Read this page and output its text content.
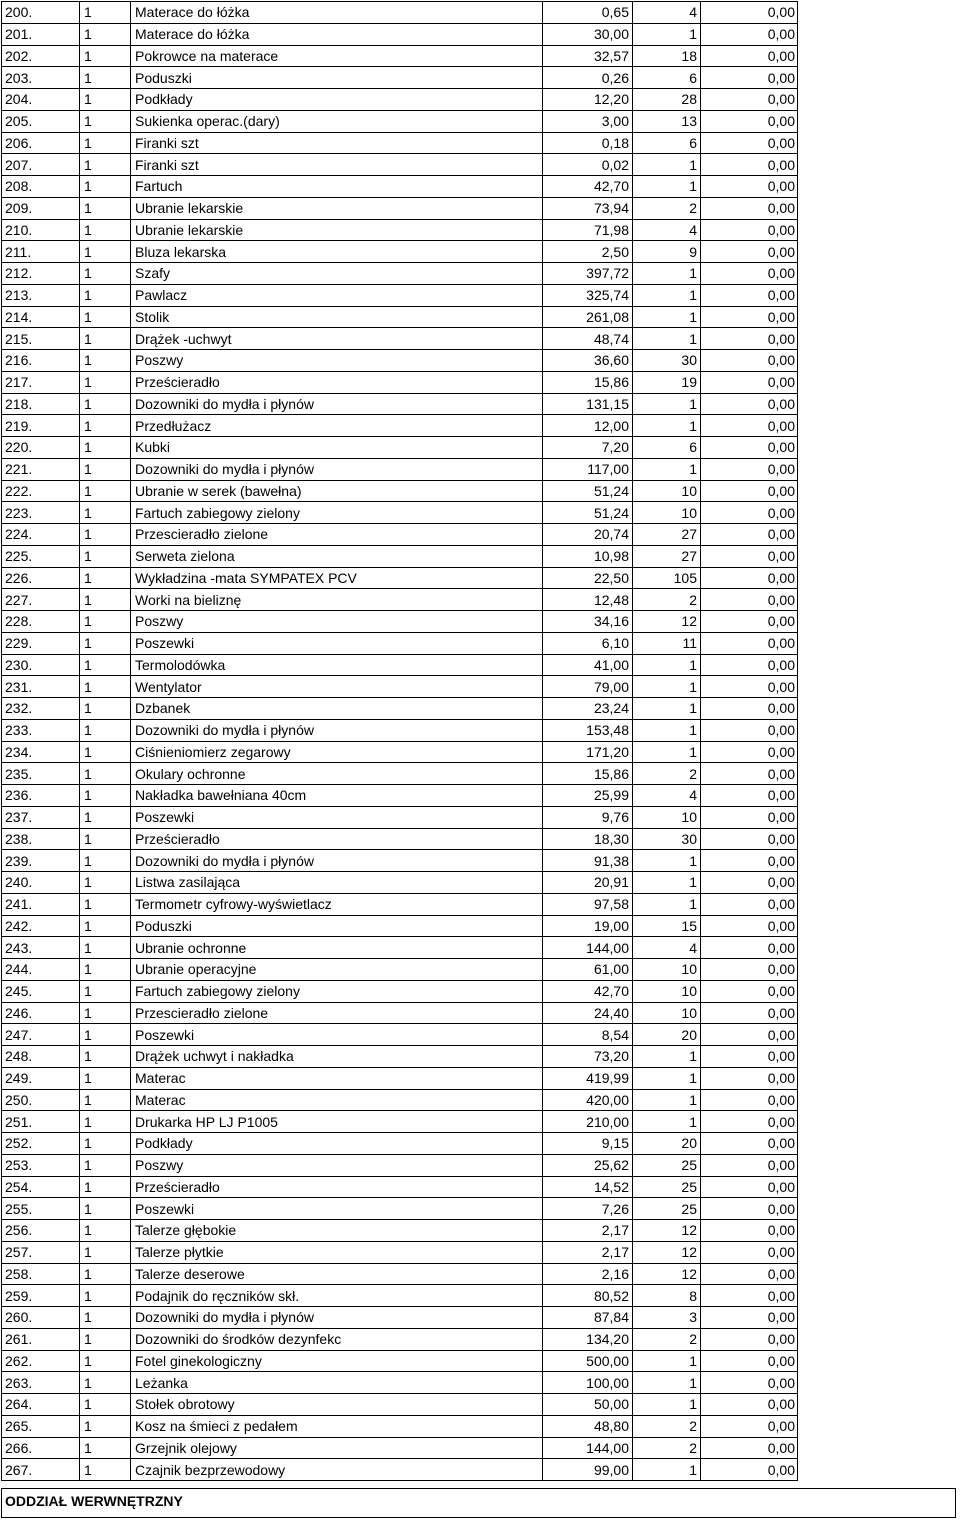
200.	1	Materace do łóżka	0,65	4	0,00
201.	1	Materace do łóżka	30,00	1	0,00
202.	1	Pokrowce na materace	32,57	18	0,00
203.	1	Poduszki	0,26	6	0,00
204.	1	Podkłady	12,20	28	0,00
205.	1	Sukienka operac.(dary)	3,00	13	0,00
206.	1	Firanki szt	0,18	6	0,00
207.	1	Firanki szt	0,02	1	0,00
208.	1	Fartuch	42,70	1	0,00
209.	1	Ubranie lekarskie	73,94	2	0,00
210.	1	Ubranie lekarskie	71,98	4	0,00
211.	1	Bluza lekarska	2,50	9	0,00
212.	1	Szafy	397,72	1	0,00
213.	1	Pawlacz	325,74	1	0,00
214.	1	Stolik	261,08	1	0,00
215.	1	Drążek -uchwyt	48,74	1	0,00
216.	1	Poszwy	36,60	30	0,00
217.	1	Prześcieradło	15,86	19	0,00
218.	1	Dozowniki do mydła i płynów	131,15	1	0,00
219.	1	Przedłużacz	12,00	1	0,00
220.	1	Kubki	7,20	6	0,00
221.	1	Dozowniki do mydła i płynów	117,00	1	0,00
222.	1	Ubranie w serek (bawełna)	51,24	10	0,00
223.	1	Fartuch zabiegowy zielony	51,24	10	0,00
224.	1	Przescieradło zielone	20,74	27	0,00
225.	1	Serweta zielona	10,98	27	0,00
226.	1	Wykładzina -mata SYMPATEX PCV	22,50	105	0,00
227.	1	Worki na bieliznę	12,48	2	0,00
228.	1	Poszwy	34,16	12	0,00
229.	1	Poszewki	6,10	11	0,00
230.	1	Termolodówka	41,00	1	0,00
231.	1	Wentylator	79,00	1	0,00
232.	1	Dzbanek	23,24	1	0,00
233.	1	Dozowniki do mydła i płynów	153,48	1	0,00
234.	1	Ciśnieniomierz zegarowy	171,20	1	0,00
235.	1	Okulary ochronne	15,86	2	0,00
236.	1	Nakładka bawełniana 40cm	25,99	4	0,00
237.	1	Poszewki	9,76	10	0,00
238.	1	Prześcieradło	18,30	30	0,00
239.	1	Dozowniki do mydła i płynów	91,38	1	0,00
240.	1	Listwa zasilająca	20,91	1	0,00
241.	1	Termometr cyfrowy-wyświetlacz	97,58	1	0,00
242.	1	Poduszki	19,00	15	0,00
243.	1	Ubranie ochronne	144,00	4	0,00
244.	1	Ubranie operacyjne	61,00	10	0,00
245.	1	Fartuch zabiegowy zielony	42,70	10	0,00
246.	1	Przescieradło zielone	24,40	10	0,00
247.	1	Poszewki	8,54	20	0,00
248.	1	Drążek uchwyt i nakładka	73,20	1	0,00
249.	1	Materac	419,99	1	0,00
250.	1	Materac	420,00	1	0,00
251.	1	Drukarka HP LJ P1005	210,00	1	0,00
252.	1	Podkłady	9,15	20	0,00
253.	1	Poszwy	25,62	25	0,00
254.	1	Prześcieradło	14,52	25	0,00
255.	1	Poszewki	7,26	25	0,00
256.	1	Talerze głębokie	2,17	12	0,00
257.	1	Talerze płytkie	2,17	12	0,00
258.	1	Talerze deserowe	2,16	12	0,00
259.	1	Podajnik do ręczników skł.	80,52	8	0,00
260.	1	Dozowniki do mydła i płynów	87,84	3	0,00
261.	1	Dozowniki do środków dezynfekc	134,20	2	0,00
262.	1	Fotel ginekologiczny	500,00	1	0,00
263.	1	Leżanka	100,00	1	0,00
264.	1	Stołek obrotowy	50,00	1	0,00
265.	1	Kosz na śmieci z pedałem	48,80	2	0,00
266.	1	Grzejnik olejowy	144,00	2	0,00
267.	1	Czajnik bezprzewodowy	99,00	1	0,00
ODDZIAŁ WERWNĘTRZNY
